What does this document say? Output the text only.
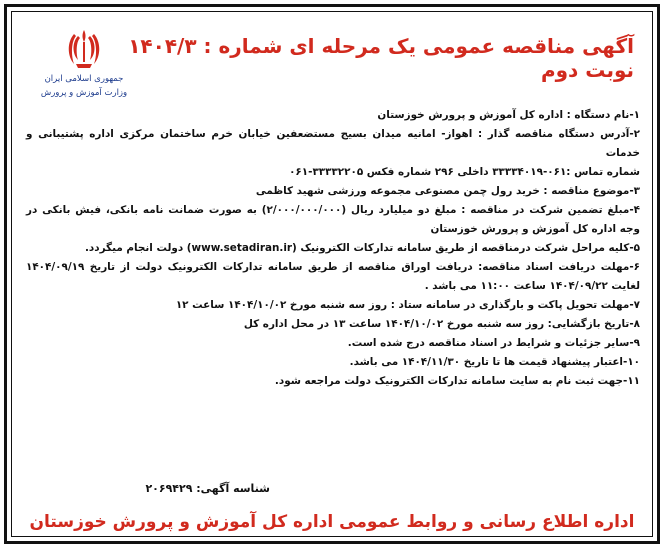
جمهوری اسلامی ایران
وزارت آموزش و پرورش
آگهی مناقصه عمومی یک مرحله ای شماره : ۱۴۰۴/۳ نوبت دوم

۱-نام دستگاه : اداره کل آموزش و پرورش خوزستان

۲-آدرس دستگاه مناقصه گذار : اهواز- امانیه میدان بسیج مستضعفین خیابان خرم ساختمان مرکزی اداره پشتیبانی و خدمات

شماره تماس :۰۶۱-۳۳۳۳۴۰۱۹ داخلی ۲۹۶ شماره فکس ۳۳۳۳۲۲۰۵-۰۶۱

۳-موضوع مناقصه : خرید رول چمن مصنوعی مجموعه ورزشی شهید کاظمی

۴-مبلغ تضمین شرکت در مناقصه : مبلغ دو میلیارد ریال (۲/۰۰۰/۰۰۰/۰۰۰) به صورت ضمانت نامه بانکی، فیش بانکی در وجه اداره کل آموزش و پرورش خوزستان

۵-کلیه مراحل شرکت درمناقصه از طریق سامانه تدارکات الکترونیک (www.setadiran.ir) دولت انجام میگردد.

۶-مهلت دریافت اسناد مناقصه: دریافت اوراق مناقصه از طریق سامانه تدارکات الکترونیک دولت از تاریخ ۱۴۰۴/۰۹/۱۹ لغایت ۱۴۰۴/۰۹/۲۲ ساعت ۱۱:۰۰ می باشد .

۷-مهلت تحویل پاکت و بارگذاری در سامانه ستاد : روز سه شنبه مورخ ۱۴۰۴/۱۰/۰۲ ساعت ۱۲

۸-تاریخ بازگشایی: روز سه شنبه مورخ ۱۴۰۴/۱۰/۰۲ ساعت ۱۳ در محل اداره کل

۹-سایر جزئیات و شرایط در اسناد مناقصه درج شده است.

۱۰-اعتبار پیشنهاد قیمت ها تا تاریخ ۱۴۰۴/۱۱/۳۰ می باشد.

۱۱-جهت ثبت نام به سایت سامانه تدارکات الکترونیک دولت مراجعه شود.

شناسه آگهی: ۲۰۶۹۴۲۹
اداره اطلاع رسانی و روابط عمومی اداره کل آموزش و پرورش خوزستان
